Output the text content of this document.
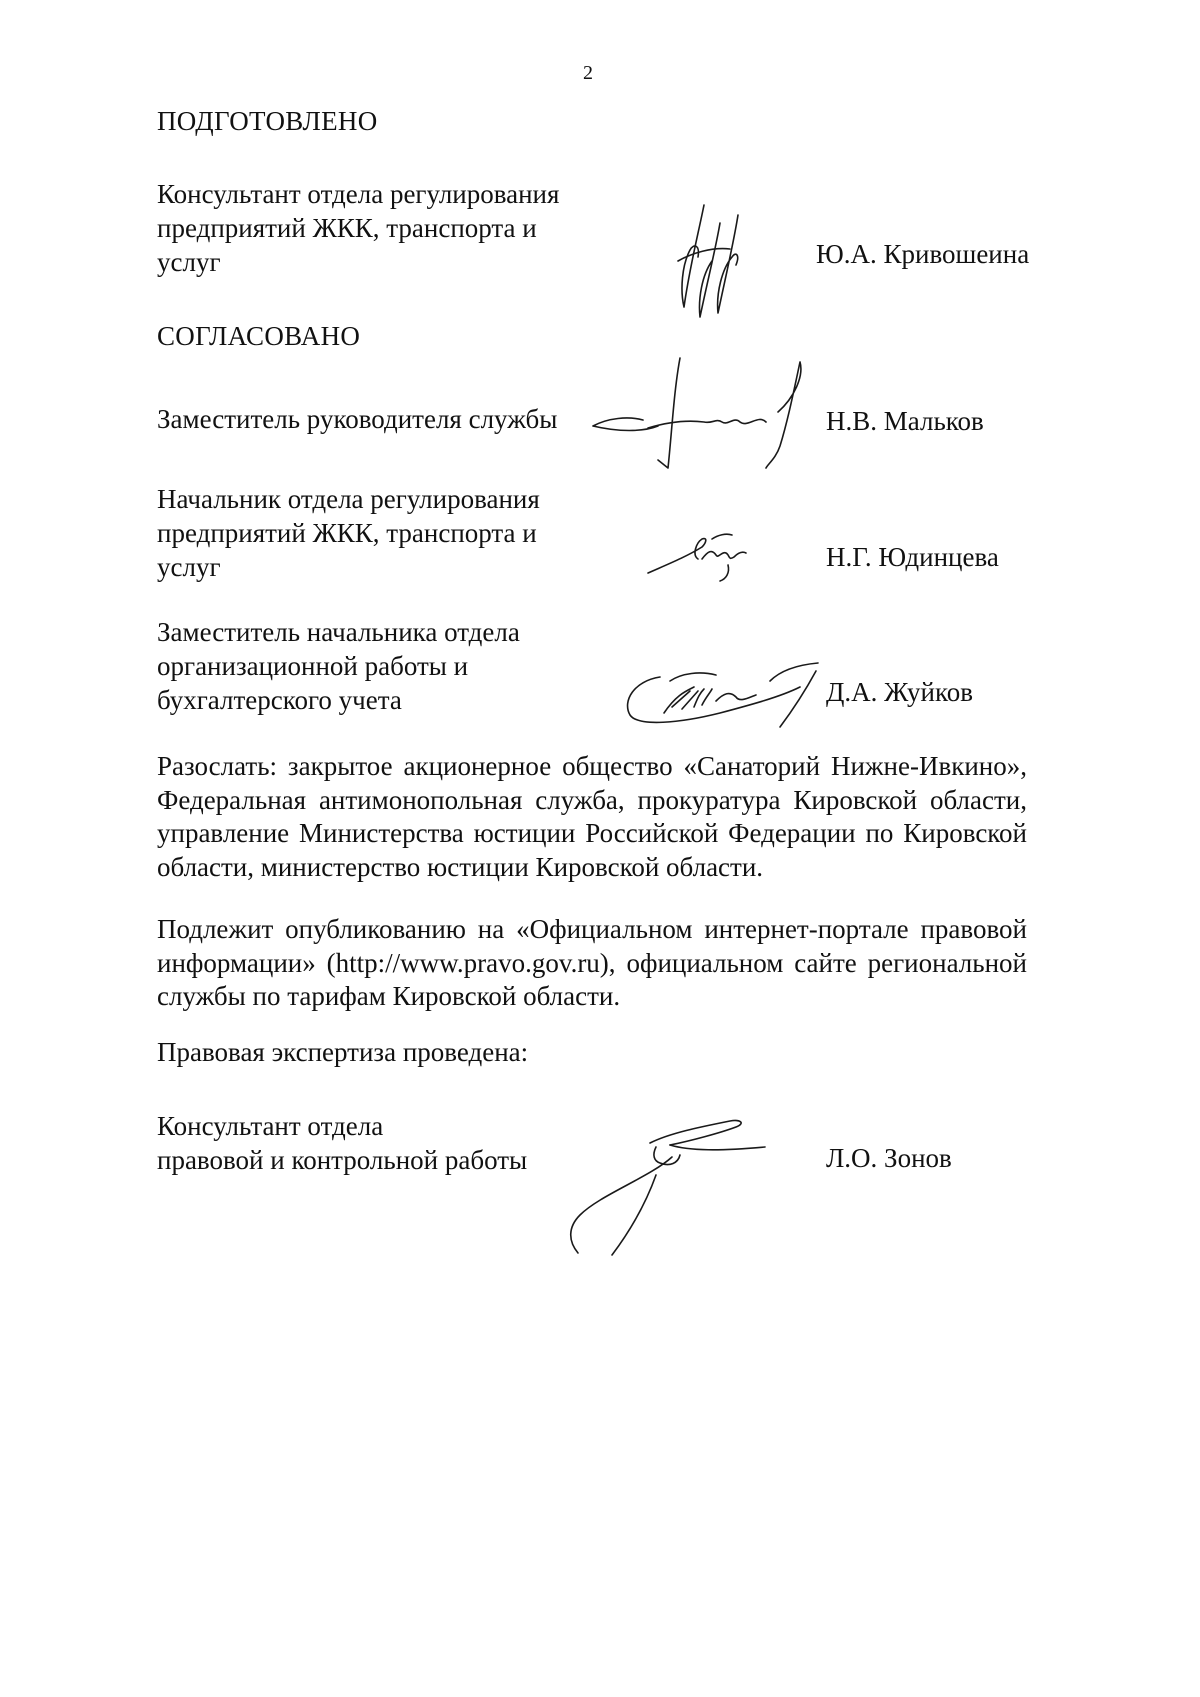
2
ПОДГОТОВЛЕНО
Консультант отдела регулирования
предприятий ЖКК, транспорта и
услуг	Ю.А. Кривошеина
СОГЛАСОВАНО
Заместитель руководителя службы	Н.В. Мальков
Начальник отдела регулирования
предприятий ЖКК, транспорта и
услуг	Н.Г. Юдинцева
Заместитель начальника отдела
организационной работы и
бухгалтерского учета	Д.А. Жуйков
Разослать: закрытое акционерное общество «Санаторий Нижне-Ивкино»,
Федеральная антимонопольная служба, прокуратура Кировской области,
управление Министерства юстиции Российской Федерации по Кировской
области, министерство юстиции Кировской области.
Подлежит опубликованию на «Официальном интернет-портале правовой
информации» (http://www.pravo.gov.ru), официальном сайте региональной
службы по тарифам Кировской области.
Правовая экспертиза проведена:
Консультант отдела
правовой и контрольной работы	Л.О. Зонов
